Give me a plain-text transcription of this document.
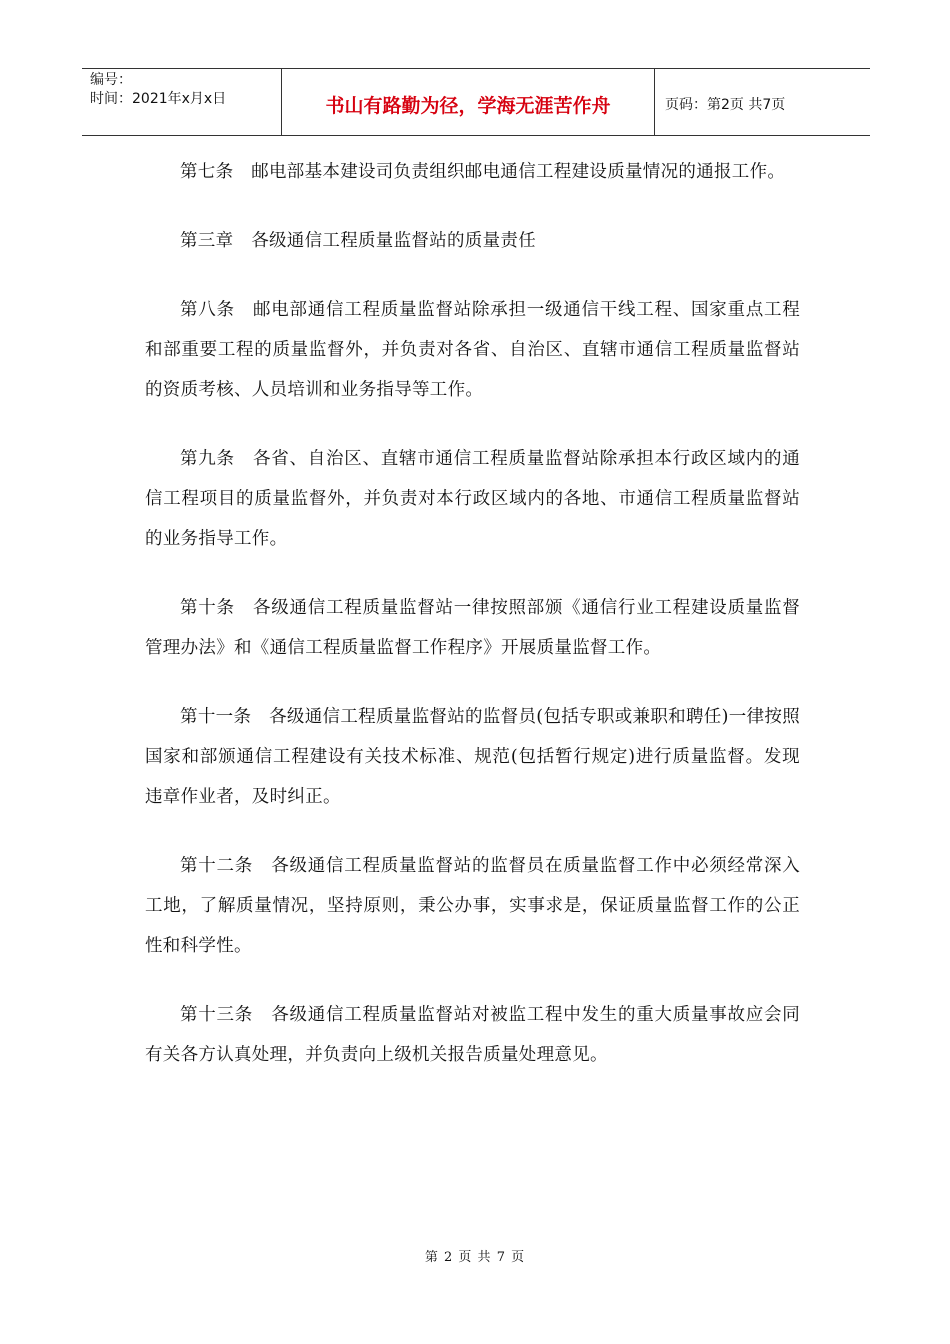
编号：
时间：2021年x月x日	书山有路勤为径，学海无涯苦作舟	页码：第2页 共7页

第七条　邮电部基本建设司负责组织邮电通信工程建设质量情况的通报工作。

第三章　各级通信工程质量监督站的质量责任

第八条　邮电部通信工程质量监督站除承担一级通信干线工程、国家重点工程和部重要工程的质量监督外，并负责对各省、自治区、直辖市通信工程质量监督站的资质考核、人员培训和业务指导等工作。

第九条　各省、自治区、直辖市通信工程质量监督站除承担本行政区域内的通信工程项目的质量监督外，并负责对本行政区域内的各地、市通信工程质量监督站的业务指导工作。

第十条　各级通信工程质量监督站一律按照部颁《通信行业工程建设质量监督管理办法》和《通信工程质量监督工作程序》开展质量监督工作。

第十一条　各级通信工程质量监督站的监督员(包括专职或兼职和聘任)一律按照国家和部颁通信工程建设有关技术标准、规范(包括暂行规定)进行质量监督。发现违章作业者，及时纠正。

第十二条　各级通信工程质量监督站的监督员在质量监督工作中必须经常深入工地，了解质量情况，坚持原则，秉公办事，实事求是，保证质量监督工作的公正性和科学性。

第十三条　各级通信工程质量监督站对被监工程中发生的重大质量事故应会同有关各方认真处理，并负责向上级机关报告质量处理意见。

第 2 页 共 7 页
